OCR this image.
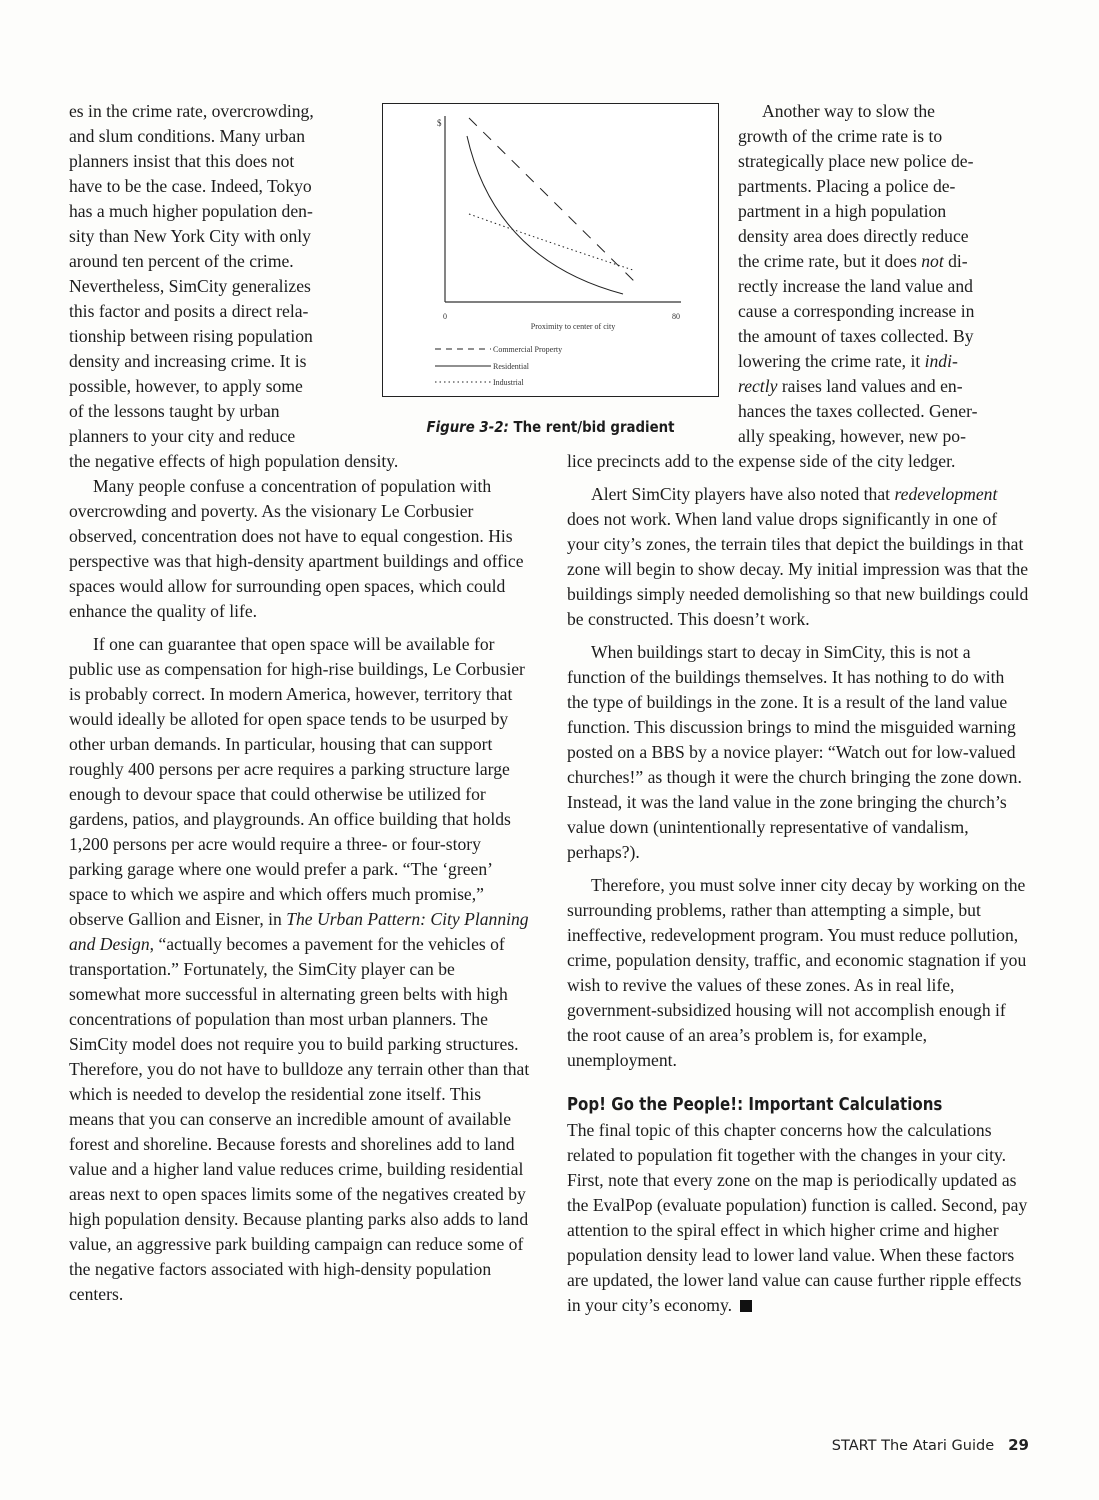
es in the crime rate, overcrowding,
and slum conditions. Many urban
planners insist that this does not
have to be the case. Indeed, Tokyo
has a much higher population den-
sity than New York City with only
around ten percent of the crime.
Nevertheless, SimCity generalizes
this factor and posits a direct rela-
tionship between rising population
density and increasing crime. It is
possible, however, to apply some
of the lessons taught by urban
planners to your city and reduce
$
0	80
Proximity to center of city
Commercial Property
Residential
Industrial
Figure 3-2: The rent/bid gradient
Another way to slow the
growth of the crime rate is to
strategically place new police de-
partments. Placing a police de-
partment in a high population
density area does directly reduce
the crime rate, but it does not di-
rectly increase the land value and
cause a corresponding increase in
the amount of taxes collected. By
lowering the crime rate, it indi-
rectly raises land values and en-
hances the taxes collected. Gener-
ally speaking, however, new po-

the negative effects of high population density.

Many people confuse a concentration of population with overcrowding and poverty. As the visionary Le Corbusier observed, concentration does not have to equal congestion. His perspective was that high-density apartment buildings and office spaces would allow for surrounding open spaces, which could enhance the quality of life.

If one can guarantee that open space will be available for public use as compensation for high-rise buildings, Le Corbusier is probably correct. In modern America, however, territory that would ideally be alloted for open space tends to be usurped by other urban demands. In particular, housing that can support roughly 400 persons per acre requires a parking structure large enough to devour space that could otherwise be utilized for gardens, patios, and playgrounds. An office building that holds 1,200 persons per acre would require a three- or four-story parking garage where one would prefer a park. “The ‘green’ space to which we aspire and which offers much promise,” observe Gallion and Eisner, in The Urban Pattern: City Planning and Design, “actually becomes a pavement for the vehicles of transportation.” Fortunately, the SimCity player can be somewhat more successful in alternating green belts with high concentrations of population than most urban planners. The SimCity model does not require you to build parking structures. Therefore, you do not have to bulldoze any terrain other than that which is needed to develop the residential zone itself. This means that you can conserve an incredible amount of available forest and shoreline. Because forests and shorelines add to land value and a higher land value reduces crime, building residential areas next to open spaces limits some of the negatives created by high population density. Because planting parks also adds to land value, an aggressive park building campaign can reduce some of the negative factors associated with high-density population centers.

lice precincts add to the expense side of the city ledger.

Alert SimCity players have also noted that redevelopment does not work. When land value drops significantly in one of your city’s zones, the terrain tiles that depict the buildings in that zone will begin to show decay. My initial impression was that the buildings simply needed demolishing so that new buildings could be constructed. This doesn’t work.

When buildings start to decay in SimCity, this is not a function of the buildings themselves. It has nothing to do with the type of buildings in the zone. It is a result of the land value function. This discussion brings to mind the misguided warning posted on a BBS by a novice player: “Watch out for low-valued churches!” as though it were the church bringing the zone down. Instead, it was the land value in the zone bringing the church’s value down (unintentionally representative of vandalism, perhaps?).

Therefore, you must solve inner city decay by working on the surrounding problems, rather than attempting a simple, but ineffective, redevelopment program. You must reduce pollution, crime, population density, traffic, and economic stagnation if you wish to revive the values of these zones. As in real life, government-subsidized housing will not accomplish enough if the root cause of an area’s problem is, for example, unemployment.

Pop! Go the People!: Important Calculations

The final topic of this chapter concerns how the calculations related to population fit together with the changes in your city. First, note that every zone on the map is periodically updated as the EvalPop (evaluate population) function is called. Second, pay attention to the spiral effect in which higher crime and higher population density lead to lower land value. When these factors are updated, the lower land value can cause further ripple effects in your city’s economy.

START The Atari Guide 29
